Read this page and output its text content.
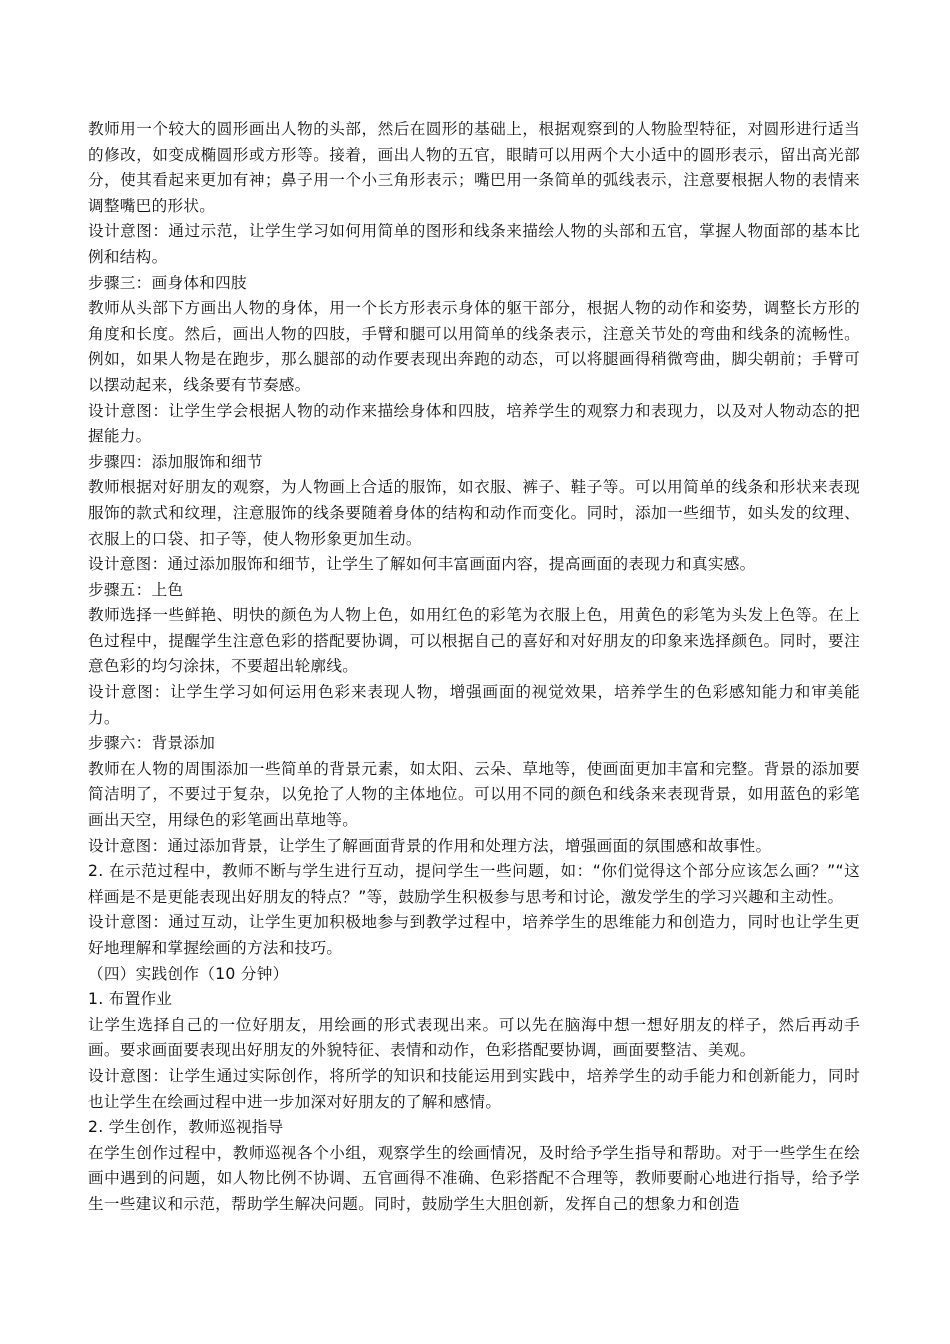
教师用一个较大的圆形画出人物的头部，然后在圆形的基础上，根据观察到的人物脸型特征，对圆形进行适当的修改，如变成椭圆形或方形等。接着，画出人物的五官，眼睛可以用两个大小适中的圆形表示，留出高光部分，使其看起来更加有神；鼻子用一个小三角形表示；嘴巴用一条简单的弧线表示，注意要根据人物的表情来调整嘴巴的形状。

设计意图：通过示范，让学生学习如何用简单的图形和线条来描绘人物的头部和五官，掌握人物面部的基本比例和结构。

步骤三：画身体和四肢

教师从头部下方画出人物的身体，用一个长方形表示身体的躯干部分，根据人物的动作和姿势，调整长方形的角度和长度。然后，画出人物的四肢，手臂和腿可以用简单的线条表示，注意关节处的弯曲和线条的流畅性。例如，如果人物是在跑步，那么腿部的动作要表现出奔跑的动态，可以将腿画得稍微弯曲，脚尖朝前；手臂可以摆动起来，线条要有节奏感。

设计意图：让学生学会根据人物的动作来描绘身体和四肢，培养学生的观察力和表现力，以及对人物动态的把握能力。

步骤四：添加服饰和细节

教师根据对好朋友的观察，为人物画上合适的服饰，如衣服、裤子、鞋子等。可以用简单的线条和形状来表现服饰的款式和纹理，注意服饰的线条要随着身体的结构和动作而变化。同时，添加一些细节，如头发的纹理、衣服上的口袋、扣子等，使人物形象更加生动。

设计意图：通过添加服饰和细节，让学生了解如何丰富画面内容，提高画面的表现力和真实感。

步骤五：上色

教师选择一些鲜艳、明快的颜色为人物上色，如用红色的彩笔为衣服上色，用黄色的彩笔为头发上色等。在上色过程中，提醒学生注意色彩的搭配要协调，可以根据自己的喜好和对好朋友的印象来选择颜色。同时，要注意色彩的均匀涂抹，不要超出轮廓线。

设计意图：让学生学习如何运用色彩来表现人物，增强画面的视觉效果，培养学生的色彩感知能力和审美能力。

步骤六：背景添加

教师在人物的周围添加一些简单的背景元素，如太阳、云朵、草地等，使画面更加丰富和完整。背景的添加要简洁明了，不要过于复杂，以免抢了人物的主体地位。可以用不同的颜色和线条来表现背景，如用蓝色的彩笔画出天空，用绿色的彩笔画出草地等。

设计意图：通过添加背景，让学生了解画面背景的作用和处理方法，增强画面的氛围感和故事性。

2. 在示范过程中，教师不断与学生进行互动，提问学生一些问题，如：“你们觉得这个部分应该怎么画？”“这样画是不是更能表现出好朋友的特点？”等，鼓励学生积极参与思考和讨论，激发学生的学习兴趣和主动性。

设计意图：通过互动，让学生更加积极地参与到教学过程中，培养学生的思维能力和创造力，同时也让学生更好地理解和掌握绘画的方法和技巧。

（四）实践创作（10 分钟）

1. 布置作业

让学生选择自己的一位好朋友，用绘画的形式表现出来。可以先在脑海中想一想好朋友的样子，然后再动手画。要求画面要表现出好朋友的外貌特征、表情和动作，色彩搭配要协调，画面要整洁、美观。

设计意图：让学生通过实际创作，将所学的知识和技能运用到实践中，培养学生的动手能力和创新能力，同时也让学生在绘画过程中进一步加深对好朋友的了解和感情。

2. 学生创作，教师巡视指导

在学生创作过程中，教师巡视各个小组，观察学生的绘画情况，及时给予学生指导和帮助。对于一些学生在绘画中遇到的问题，如人物比例不协调、五官画得不准确、色彩搭配不合理等，教师要耐心地进行指导，给予学生一些建议和示范，帮助学生解决问题。同时，鼓励学生大胆创新，发挥自己的想象力和创造
